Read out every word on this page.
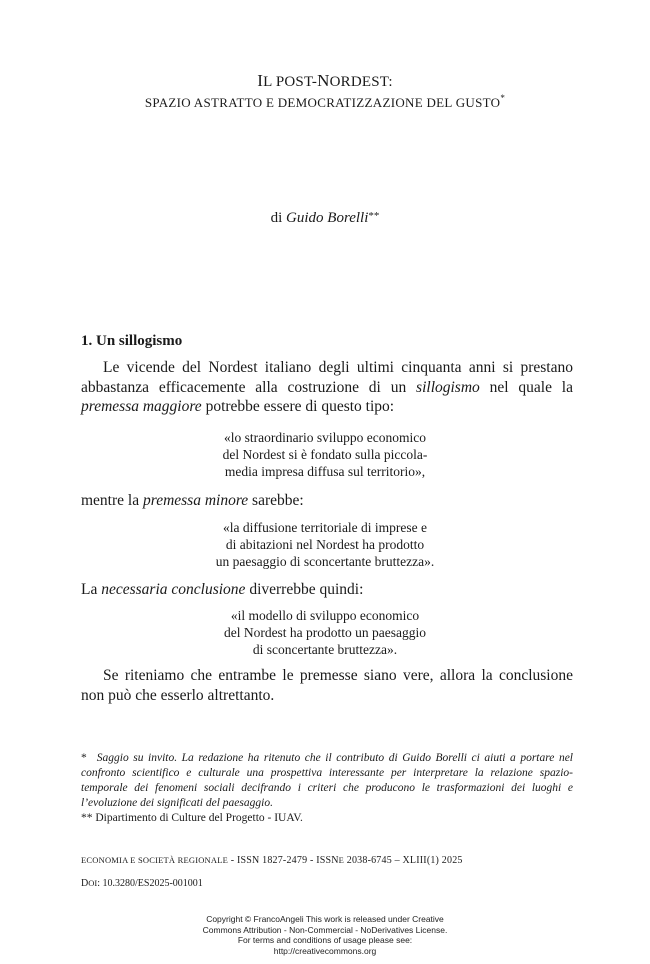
IL POST-NORDEST:
SPAZIO ASTRATTO E DEMOCRATIZZAZIONE DEL GUSTO*
di Guido Borelli**
1. Un sillogismo
Le vicende del Nordest italiano degli ultimi cinquanta anni si prestano abbastanza efficacemente alla costruzione di un sillogismo nel quale la premessa maggiore potrebbe essere di questo tipo:
«lo straordinario sviluppo economico
del Nordest si è fondato sulla piccola-
media impresa diffusa sul territorio»,
mentre la premessa minore sarebbe:
«la diffusione territoriale di imprese e
di abitazioni nel Nordest ha prodotto
un paesaggio di sconcertante bruttezza».
La necessaria conclusione diverrebbe quindi:
«il modello di sviluppo economico
del Nordest ha prodotto un paesaggio
di sconcertante bruttezza».
Se riteniamo che entrambe le premesse siano vere, allora la conclusione non può che esserlo altrettanto.
* Saggio su invito. La redazione ha ritenuto che il contributo di Guido Borelli ci aiuti a portare nel confronto scientifico e culturale una prospettiva interessante per interpretare la relazione spazio-temporale dei fenomeni sociali decifrando i criteri che producono le trasformazioni dei luoghi e l’evoluzione dei significati del paesaggio.
** Dipartimento di Culture del Progetto - IUAV.
ECONOMIA E SOCIETÀ REGIONALE - ISSN 1827-2479 - ISSNE 2038-6745 – XLIII(1) 2025
DOI: 10.3280/ES2025-001001
Copyright © FrancoAngeli This work is released under Creative
Commons Attribution - Non-Commercial - NoDerivatives License.
For terms and conditions of usage please see:
http://creativecommons.org
